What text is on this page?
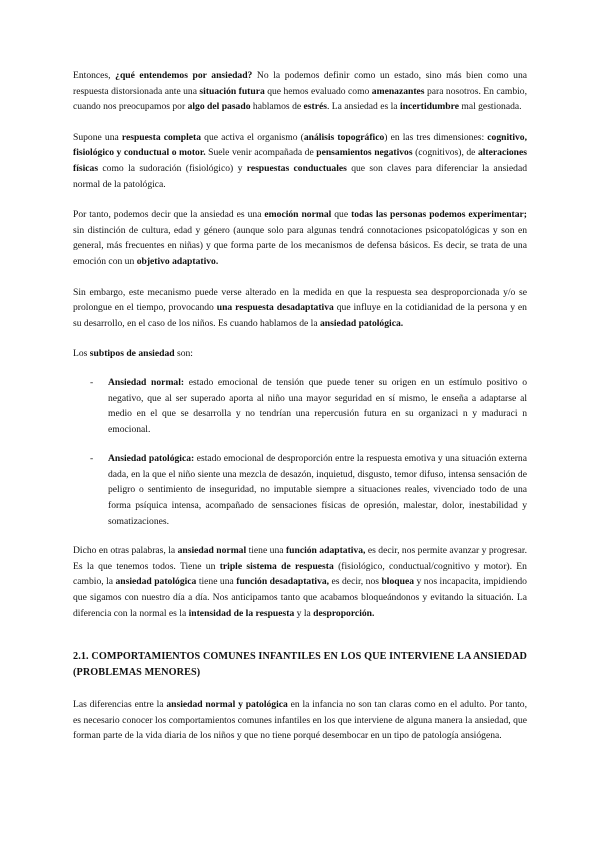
Entonces, ¿qué entendemos por ansiedad? No la podemos definir como un estado, sino más bien como una respuesta distorsionada ante una situación futura que hemos evaluado como amenazantes para nosotros. En cambio, cuando nos preocupamos por algo del pasado hablamos de estrés. La ansiedad es la incertidumbre mal gestionada.

Supone una respuesta completa que activa el organismo (análisis topográfico) en las tres dimensiones: cognitivo, fisiológico y conductual o motor. Suele venir acompañada de pensamientos negativos (cognitivos), de alteraciones físicas como la sudoración (fisiológico) y respuestas conductuales que son claves para diferenciar la ansiedad normal de la patológica.

Por tanto, podemos decir que la ansiedad es una emoción normal que todas las personas podemos experimentar; sin distinción de cultura, edad y género (aunque solo para algunas tendrá connotaciones psicopatológicas y son en general, más frecuentes en niñas) y que forma parte de los mecanismos de defensa básicos. Es decir, se trata de una emoción con un objetivo adaptativo.

Sin embargo, este mecanismo puede verse alterado en la medida en que la respuesta sea desproporcionada y/o se prolongue en el tiempo, provocando una respuesta desadaptativa que influye en la cotidianidad de la persona y en su desarrollo, en el caso de los niños. Es cuando hablamos de la ansiedad patológica.

Los subtipos de ansiedad son:

- Ansiedad normal: estado emocional de tensión que puede tener su origen en un estímulo positivo o negativo, que al ser superado aporta al niño una mayor seguridad en sí mismo, le enseña a adaptarse al medio en el que se desarrolla y no tendrían una repercusión futura en su organizaci n y maduraci n emocional.
- Ansiedad patológica: estado emocional de desproporción entre la respuesta emotiva y una situación externa dada, en la que el niño siente una mezcla de desazón, inquietud, disgusto, temor difuso, intensa sensación de peligro o sentimiento de inseguridad, no imputable siempre a situaciones reales, vivenciado todo de una forma psíquica intensa, acompañado de sensaciones físicas de opresión, malestar, dolor, inestabilidad y somatizaciones.

Dicho en otras palabras, la ansiedad normal tiene una función adaptativa, es decir, nos permite avanzar y progresar. Es la que tenemos todos. Tiene un triple sistema de respuesta (fisiológico, conductual/cognitivo y motor). En cambio, la ansiedad patológica tiene una función desadaptativa, es decir, nos bloquea y nos incapacita, impidiendo que sigamos con nuestro día a día. Nos anticipamos tanto que acabamos bloqueándonos y evitando la situación. La diferencia con la normal es la intensidad de la respuesta y la desproporción.

2.1. COMPORTAMIENTOS COMUNES INFANTILES EN LOS QUE INTERVIENE LA ANSIEDAD (PROBLEMAS MENORES)

Las diferencias entre la ansiedad normal y patológica en la infancia no son tan claras como en el adulto. Por tanto, es necesario conocer los comportamientos comunes infantiles en los que interviene de alguna manera la ansiedad, que forman parte de la vida diaria de los niños y que no tiene porqué desembocar en un tipo de patología ansiógena.
